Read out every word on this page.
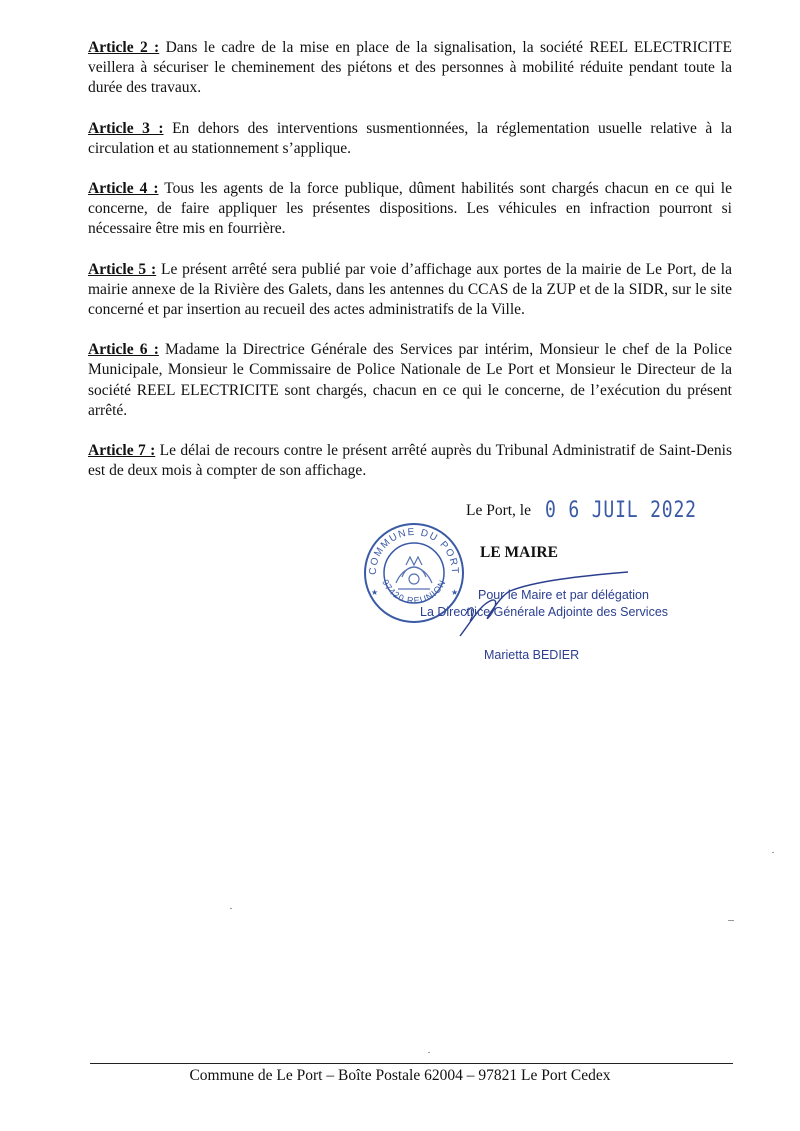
Article 2 : Dans le cadre de la mise en place de la signalisation, la société REEL ELECTRICITE veillera à sécuriser le cheminement des piétons et des personnes à mobilité réduite pendant toute la durée des travaux.

Article 3 : En dehors des interventions susmentionnées, la réglementation usuelle relative à la circulation et au stationnement s’applique.

Article 4 : Tous les agents de la force publique, dûment habilités sont chargés chacun en ce qui le concerne, de faire appliquer les présentes dispositions. Les véhicules en infraction pourront si nécessaire être mis en fourrière.

Article 5 : Le présent arrêté sera publié par voie d’affichage aux portes de la mairie de Le Port, de la mairie annexe de la Rivière des Galets, dans les antennes du CCAS de la ZUP et de la SIDR, sur le site concerné et par insertion au recueil des actes administratifs de la Ville.

Article 6 : Madame la Directrice Générale des Services par intérim, Monsieur le chef de la Police Municipale, Monsieur le Commissaire de Police Nationale de Le Port et Monsieur le Directeur de la société REEL ELECTRICITE sont chargés, chacun en ce qui le concerne, de l’exécution du présent arrêté.

Article 7 : Le délai de recours contre le présent arrêté auprès du Tribunal Administratif de Saint-Denis est de deux mois à compter de son affichage.

Le Port, le 0 6 JUIL 2022
LE MAIRE
COMMUNE DU PORT
97420 REUNION
★	★ Pour le Maire et par délégation
La Directrice Générale Adjointe des Services
Marietta BEDIER
Commune de Le Port – Boîte Postale 62004 – 97821 Le Port Cedex
